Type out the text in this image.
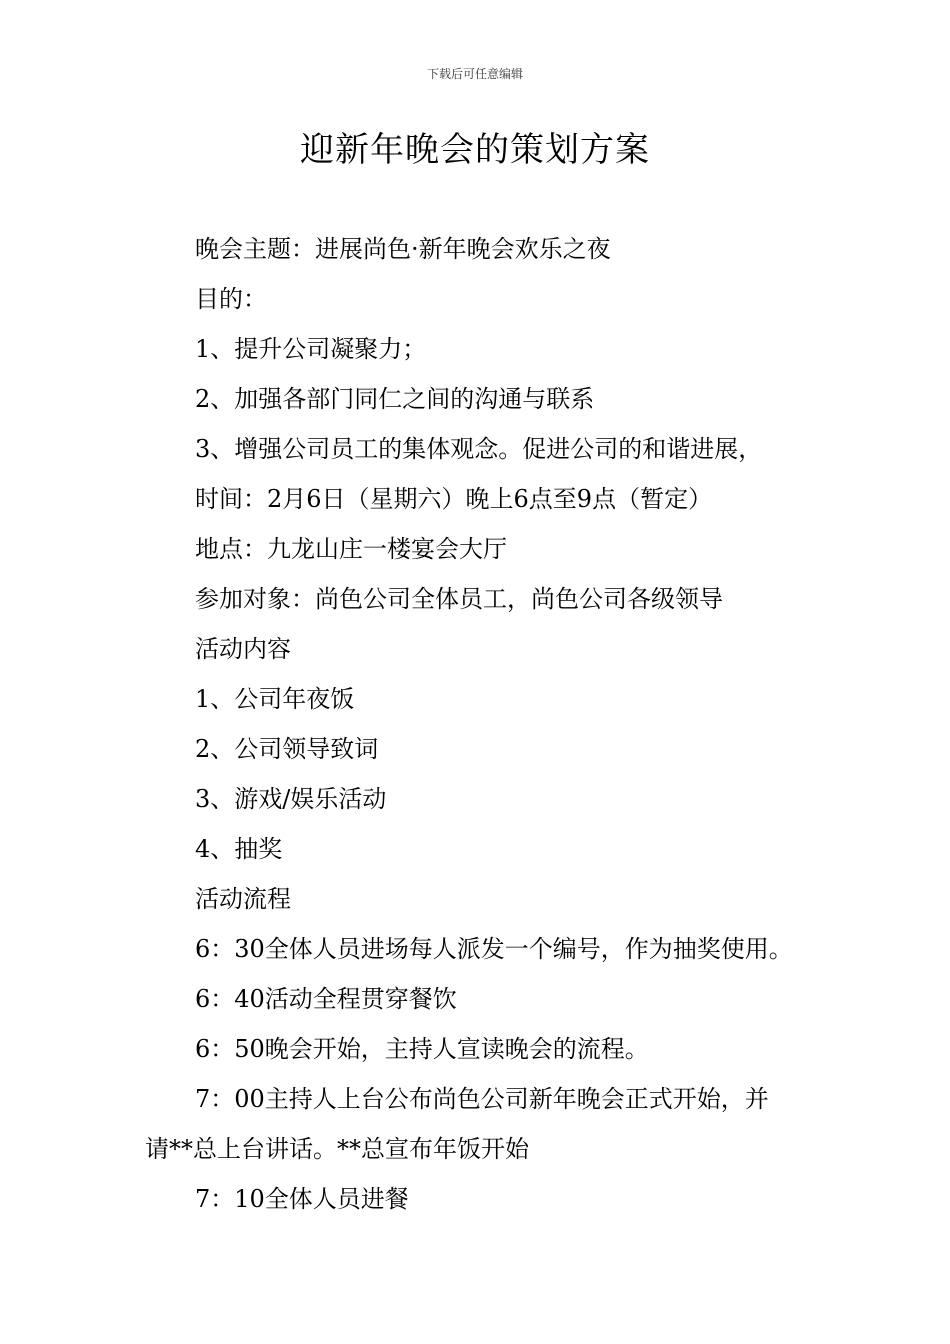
下载后可任意编辑
迎新年晚会的策划方案
晚会主题：进展尚色·新年晚会欢乐之夜
目的：
1、提升公司凝聚力；
2、加强各部门同仁之间的沟通与联系
3、增强公司员工的集体观念。促进公司的和谐进展，
时间：2月6日（星期六）晚上6点至9点（暂定）
地点：九龙山庄一楼宴会大厅
参加对象：尚色公司全体员工，尚色公司各级领导
活动内容
1、公司年夜饭
2、公司领导致词
3、游戏/娱乐活动
4、抽奖
活动流程
6：30全体人员进场每人派发一个编号，作为抽奖使用。
6：40活动全程贯穿餐饮
6：50晚会开始，主持人宣读晚会的流程。
7：00主持人上台公布尚色公司新年晚会正式开始，并
请**总上台讲话。**总宣布年饭开始
7：10全体人员进餐
